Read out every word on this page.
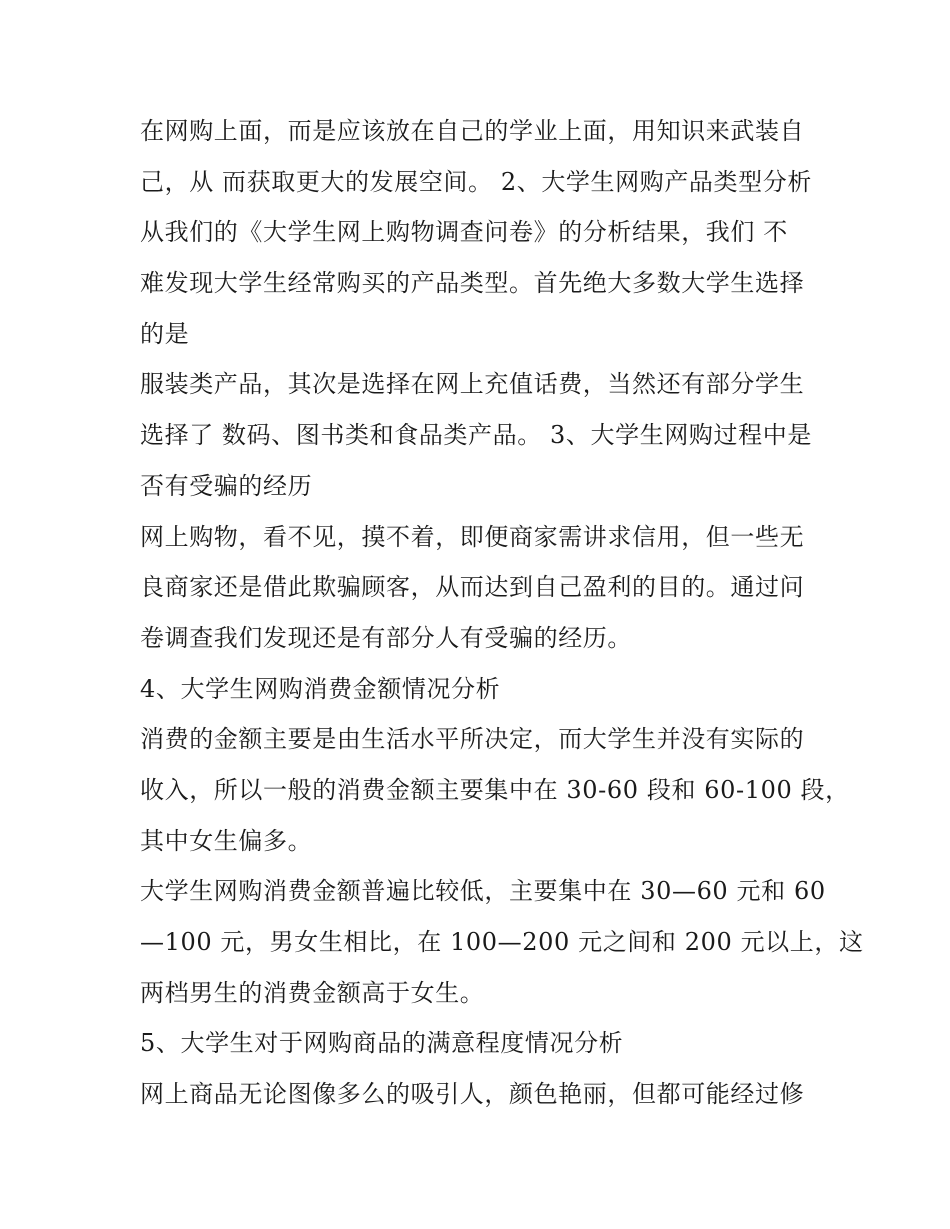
在网购上面，而是应该放在自己的学业上面，用知识来武装自
己，从 而获取更大的发展空间。 2、大学生网购产品类型分析
从我们的《大学生网上购物调查问卷》的分析结果，我们 不
难发现大学生经常购买的产品类型。首先绝大多数大学生选择
的是
服装类产品，其次是选择在网上充值话费，当然还有部分学生
选择了 数码、图书类和食品类产品。 3、大学生网购过程中是
否有受骗的经历
网上购物，看不见，摸不着，即便商家需讲求信用，但一些无
良商家还是借此欺骗顾客，从而达到自己盈利的目的。通过问
卷调查我们发现还是有部分人有受骗的经历。
4、大学生网购消费金额情况分析
消费的金额主要是由生活水平所决定，而大学生并没有实际的
收入，所以一般的消费金额主要集中在 30-60 段和 60-100 段，
其中女生偏多。
大学生网购消费金额普遍比较低，主要集中在 30—60 元和 60
—100 元，男女生相比，在 100—200 元之间和 200 元以上，这
两档男生的消费金额高于女生。
5、大学生对于网购商品的满意程度情况分析
网上商品无论图像多么的吸引人，颜色艳丽，但都可能经过修
